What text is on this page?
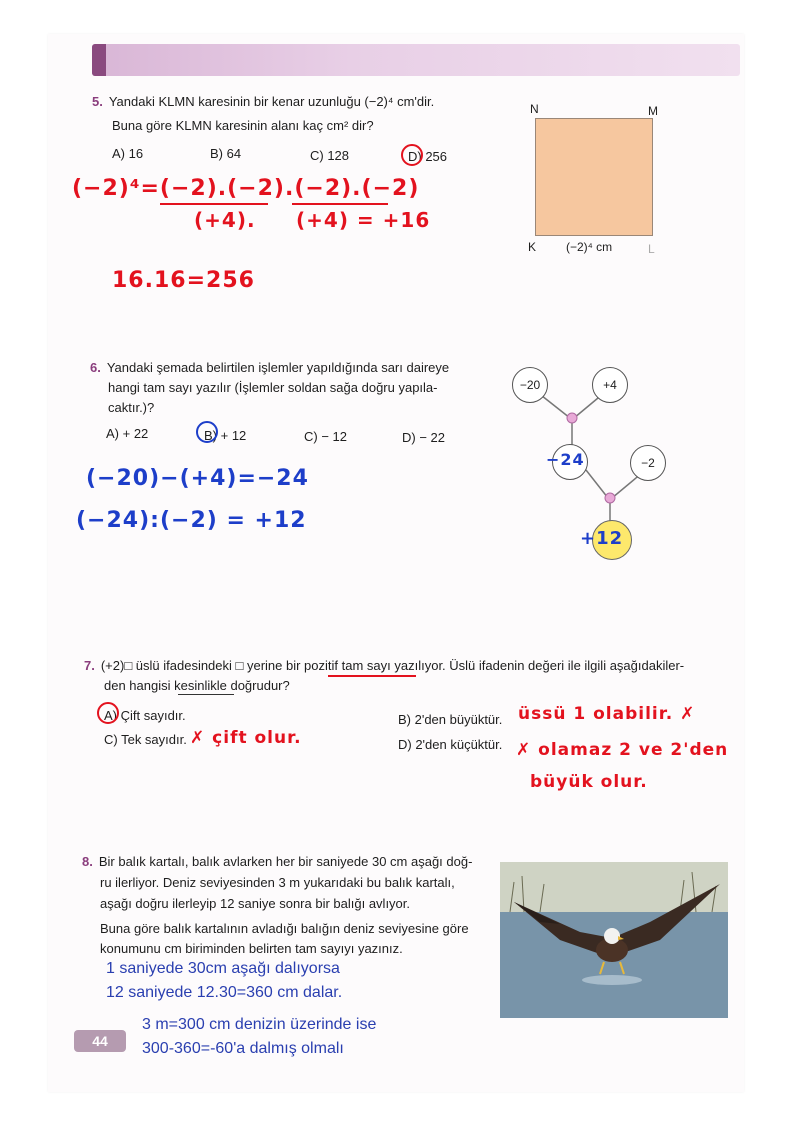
5. Yandaki KLMN karesinin bir kenar uzunluğu (−2)⁴ cm'dir.
Buna göre KLMN karesinin alanı kaç cm² dir?
A) 16	B) 64	C) 128	D) 256
N	M
K	L
(−2)⁴ cm
(−2)⁴=(−2).(−2).(−2).(−2)
(+4). (+4) = +16
16.16=256
6. Yandaki şemada belirtilen işlemler yapıldığında sarı daireye
hangi tam sayı yazılır (İşlemler soldan sağa doğru yapıla-
caktır.)?
A) + 22	B) + 12	C) − 12	D) − 22
−20	+4
−24	−2
+12
(−20)−(+4)=−24
(−24):(−2) = +12
7. (+2)□ üslü ifadesindeki □ yerine bir pozitif tam sayı yazılıyor. Üslü ifadenin değeri ile ilgili aşağıdakiler-
den hangisi kesinlikle doğrudur?
A) Çift sayıdır.
C) Tek sayıdır.
B) 2'den büyüktür.
D) 2'den küçüktür.
üssü 1 olabilir. ✗
✗ çift olur.
✗ olamaz 2 ve 2'den
büyük olur.
8. Bir balık kartalı, balık avlarken her bir saniyede 30 cm aşağı doğ-
ru ilerliyor. Deniz seviyesinden 3 m yukarıdaki bu balık kartalı,
aşağı doğru ilerleyip 12 saniye sonra bir balığı avlıyor.
Buna göre balık kartalının avladığı balığın deniz seviyesine göre
konumunu cm biriminden belirten tam sayıyı yazınız.
1 saniyede 30cm aşağı dalıyorsa
12 saniyede 12.30=360 cm dalar.
3 m=300 cm denizin üzerinde ise
300-360=-60'a dalmış olmalı
44
